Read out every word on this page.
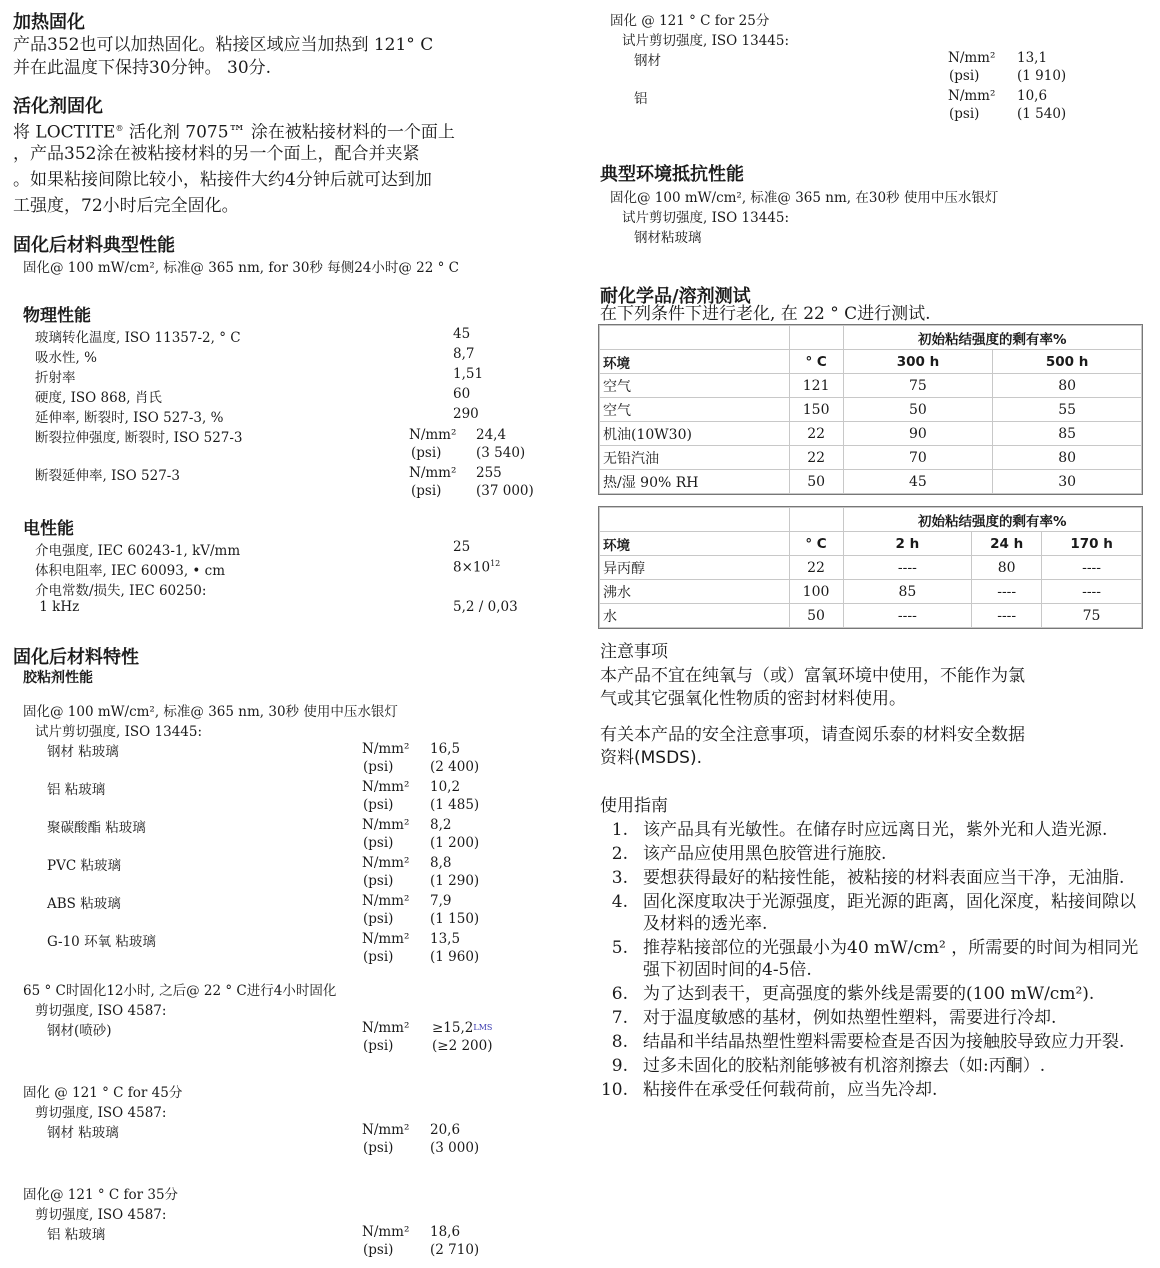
加热固化
产品352也可以加热固化。粘接区域应当加热到 121° C
并在此温度下保持30分钟。 30分.
活化剂固化
将 LOCTITE® 活化剂 7075™ 涂在被粘接材料的一个面上
，产品352涂在被粘接材料的另一个面上，配合并夹紧
。如果粘接间隙比较小，粘接件大约4分钟后就可达到加
工强度，72小时后完全固化。
固化后材料典型性能
固化@ 100 mW/cm², 标准@ 365 nm, for 30秒 每侧24小时@ 22 ° C
物理性能
玻璃转化温度, ISO 11357-2, ° C	45
吸水性, %	8,7
折射率	1,51
硬度, ISO 868, 肖氏	60
延伸率, 断裂时, ISO 527-3, %	290
断裂拉伸强度, 断裂时, ISO 527-3	N/mm² 24,4
(psi)	(3 540)
断裂延伸率, ISO 527-3	N/mm² 255
(psi)	(37 000)
电性能
介电强度, IEC 60243-1, kV/mm	25
体积电阻率, IEC 60093, • cm	$8\times 10^{12}$
介电常数/损失, IEC 60250:
1 kHz	5,2 / 0,03
固化后材料特性
胶粘剂性能
固化@ 100 mW/cm², 标准@ 365 nm, 30秒 使用中压水银灯
试片剪切强度, ISO 13445:
钢材 粘玻璃	N/mm² 16,5
(psi)	(2 400)
铝 粘玻璃	N/mm² 10,2
(psi)	(1 485)
聚碳酸酯 粘玻璃	N/mm² 8,2
(psi)	(1 200)
PVC 粘玻璃	N/mm² 8,8
(psi)	(1 290)
ABS 粘玻璃	N/mm² 7,9
(psi)	(1 150)
G-10 环氧 粘玻璃	N/mm² 13,5
(psi)	(1 960)
65 ° C时固化12小时, 之后@ 22 ° C进行4小时固化
剪切强度, ISO 4587:
钢材(喷砂)	$N/mm^2 \ge 15,2^{LMS}$
(psi)	(≥2 200)
固化 @ 121 ° C for 45分
剪切强度, ISO 4587:
钢材 粘玻璃	N/mm² 20,6
(psi)	(3 000)
固化@ 121 ° C for 35分
剪切强度, ISO 4587:
铝 粘玻璃	N/mm² 18,6
(psi)	(2 710)
固化 @ 121 ° C for 25分
试片剪切强度, ISO 13445:
钢材	N/mm² 13,1
(psi)	(1 910)
铝	N/mm² 10,6
(psi)	(1 540)
典型环境抵抗性能
固化@ 100 mW/cm², 标准@ 365 nm, 在30秒 使用中压水银灯
试片剪切强度, ISO 13445:
钢材粘玻璃
耐化学品/溶剂测试
在下列条件下进行老化, 在 22 ° C进行测试.
		初始粘结强度的剩有率%	
环境	° C	300 h	500 h
空气	121	75	80
空气	150	50	55
机油(10W30)	22	90	85
无铅汽油	22	70	80
热/湿 90% RH	50	45	30
		初始粘结强度的剩有率%		
环境	° C	2 h	24 h	170 h
异丙醇	22	----	80	----
沸水	100	85	----	----
水	50	----	----	75
注意事项
本产品不宜在纯氧与（或）富氧环境中使用，不能作为氯
气或其它强氧化性物质的密封材料使用。
有关本产品的安全注意事项，请查阅乐泰的材料安全数据
资料(MSDS).
使用指南
1. 该产品具有光敏性。在储存时应远离日光，紫外光和人造光源.
2. 该产品应使用黑色胶管进行施胶.
3. 要想获得最好的粘接性能，被粘接的材料表面应当干净，无油脂.
4. 固化深度取决于光源强度，距光源的距离，固化深度，粘接间隙以及材料的透光率.
5. 推荐粘接部位的光强最小为40 mW/cm² ，所需要的时间为相同光强下初固时间的4-5倍.
6. 为了达到表干，更高强度的紫外线是需要的(100 mW/cm²).
7. 对于温度敏感的基材，例如热塑性塑料，需要进行冷却.
8. 结晶和半结晶热塑性塑料需要检查是否因为接触胶导致应力开裂.
9. 过多未固化的胶粘剂能够被有机溶剂擦去（如:丙酮）.
10. 粘接件在承受任何载荷前，应当先冷却.
